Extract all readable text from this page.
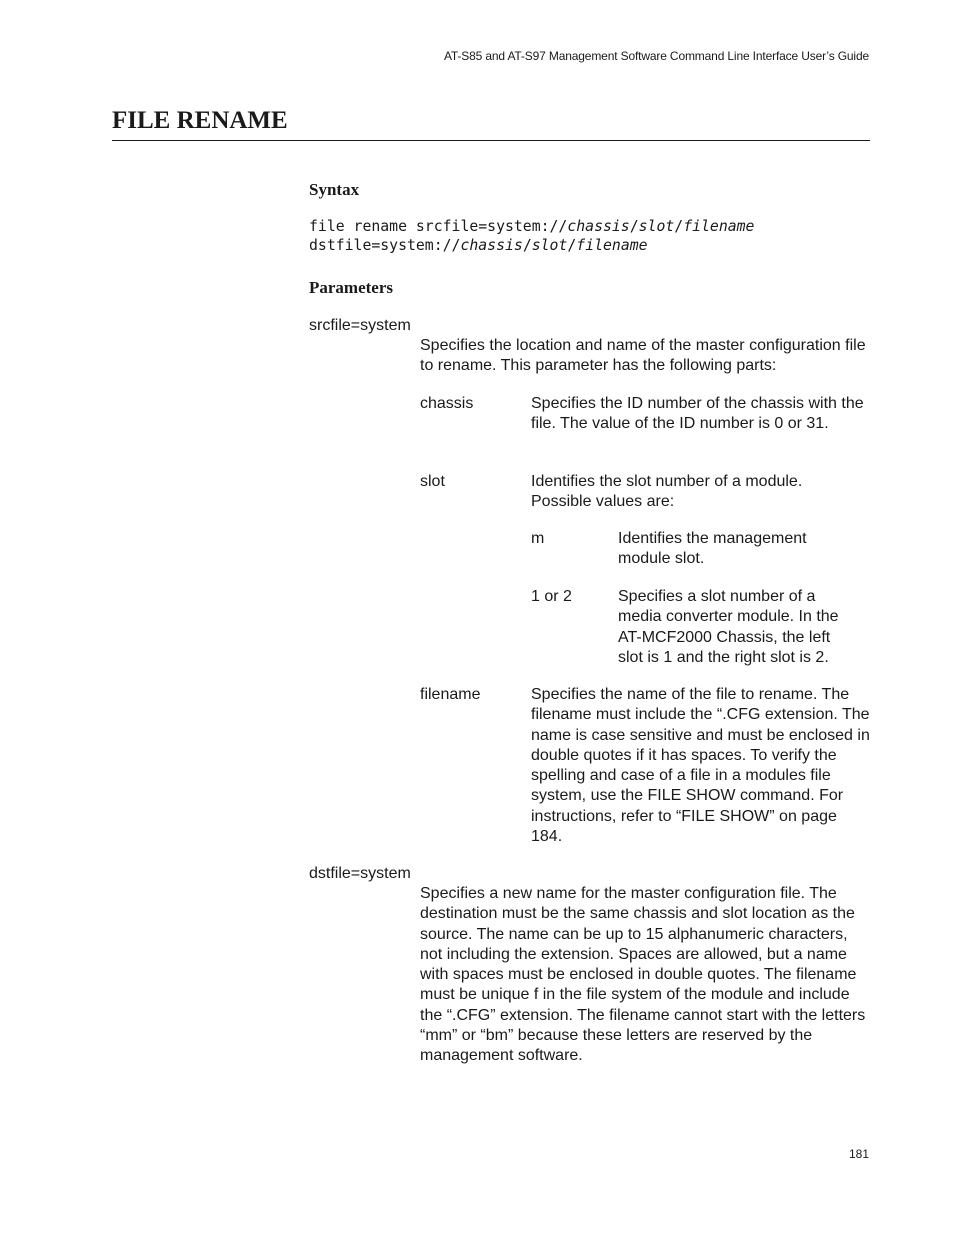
AT-S85 and AT-S97 Management Software Command Line Interface User’s Guide
FILE RENAME
Syntax
file rename srcfile=system://chassis/slot/filename
dstfile=system://chassis/slot/filename
Parameters
srcfile=system
Specifies the location and name of the master configuration file to rename. This parameter has the following parts:
chassis	Specifies the ID number of the chassis with the file. The value of the ID number is 0 or 31.
slot	Identifies the slot number of a module. Possible values are:
m	Identifies the management module slot.
1 or 2	Specifies a slot number of a media converter module. In the AT-MCF2000 Chassis, the left slot is 1 and the right slot is 2.
filename	Specifies the name of the file to rename. The filename must include the “.CFG extension. The name is case sensitive and must be enclosed in double quotes if it has spaces. To verify the spelling and case of a file in a modules file system, use the FILE SHOW command. For instructions, refer to “FILE SHOW” on page 184.
dstfile=system
Specifies a new name for the master configuration file. The destination must be the same chassis and slot location as the source. The name can be up to 15 alphanumeric characters, not including the extension. Spaces are allowed, but a name with spaces must be enclosed in double quotes. The filename must be unique f in the file system of the module and include the “.CFG” extension. The filename cannot start with the letters “mm” or “bm” because these letters are reserved by the management software.
181
